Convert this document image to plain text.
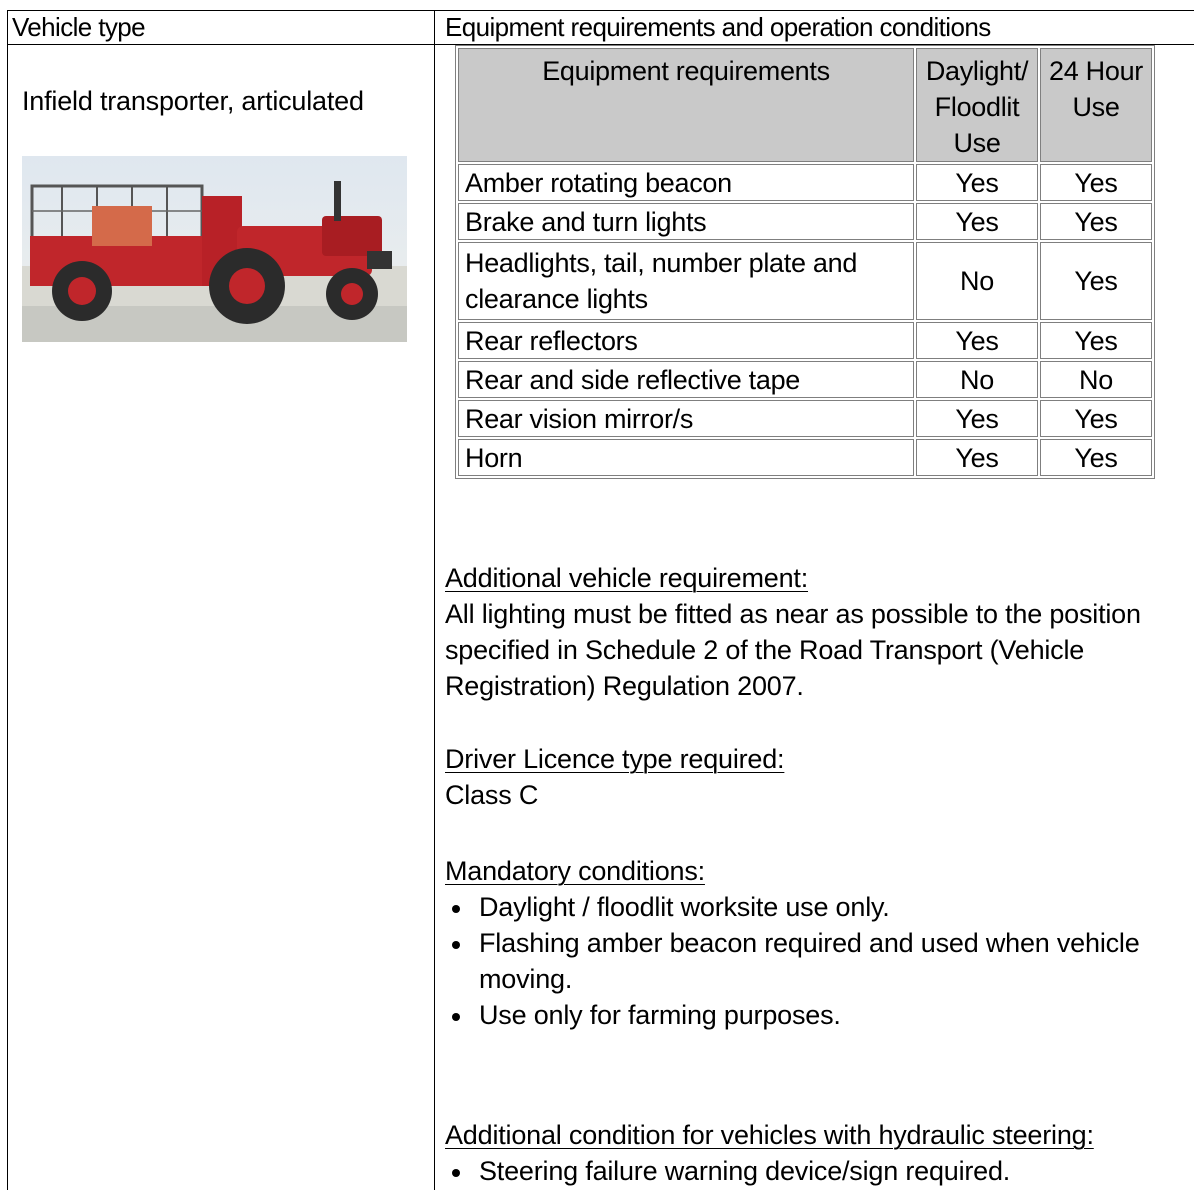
Vehicle type	Equipment requirements and operation conditions
Infield transporter, articulated
Equipment requirements	Daylight/ Floodlit Use	24 Hour Use
Amber rotating beacon	Yes	Yes
Brake and turn lights	Yes	Yes
Headlights, tail, number plate and clearance lights	No	Yes
Rear reflectors	Yes	Yes
Rear and side reflective tape	No	No
Rear vision mirror/s	Yes	Yes
Horn	Yes	Yes
Additional vehicle requirement:
All lighting must be fitted as near as possible to the position specified in Schedule 2 of the Road Transport (Vehicle Registration) Regulation 2007.
Driver Licence type required:
Class C
Mandatory conditions:
Daylight / floodlit worksite use only.
Flashing amber beacon required and used when vehicle moving.
Use only for farming purposes.
Additional condition for vehicles with hydraulic steering:
Steering failure warning device/sign required.
